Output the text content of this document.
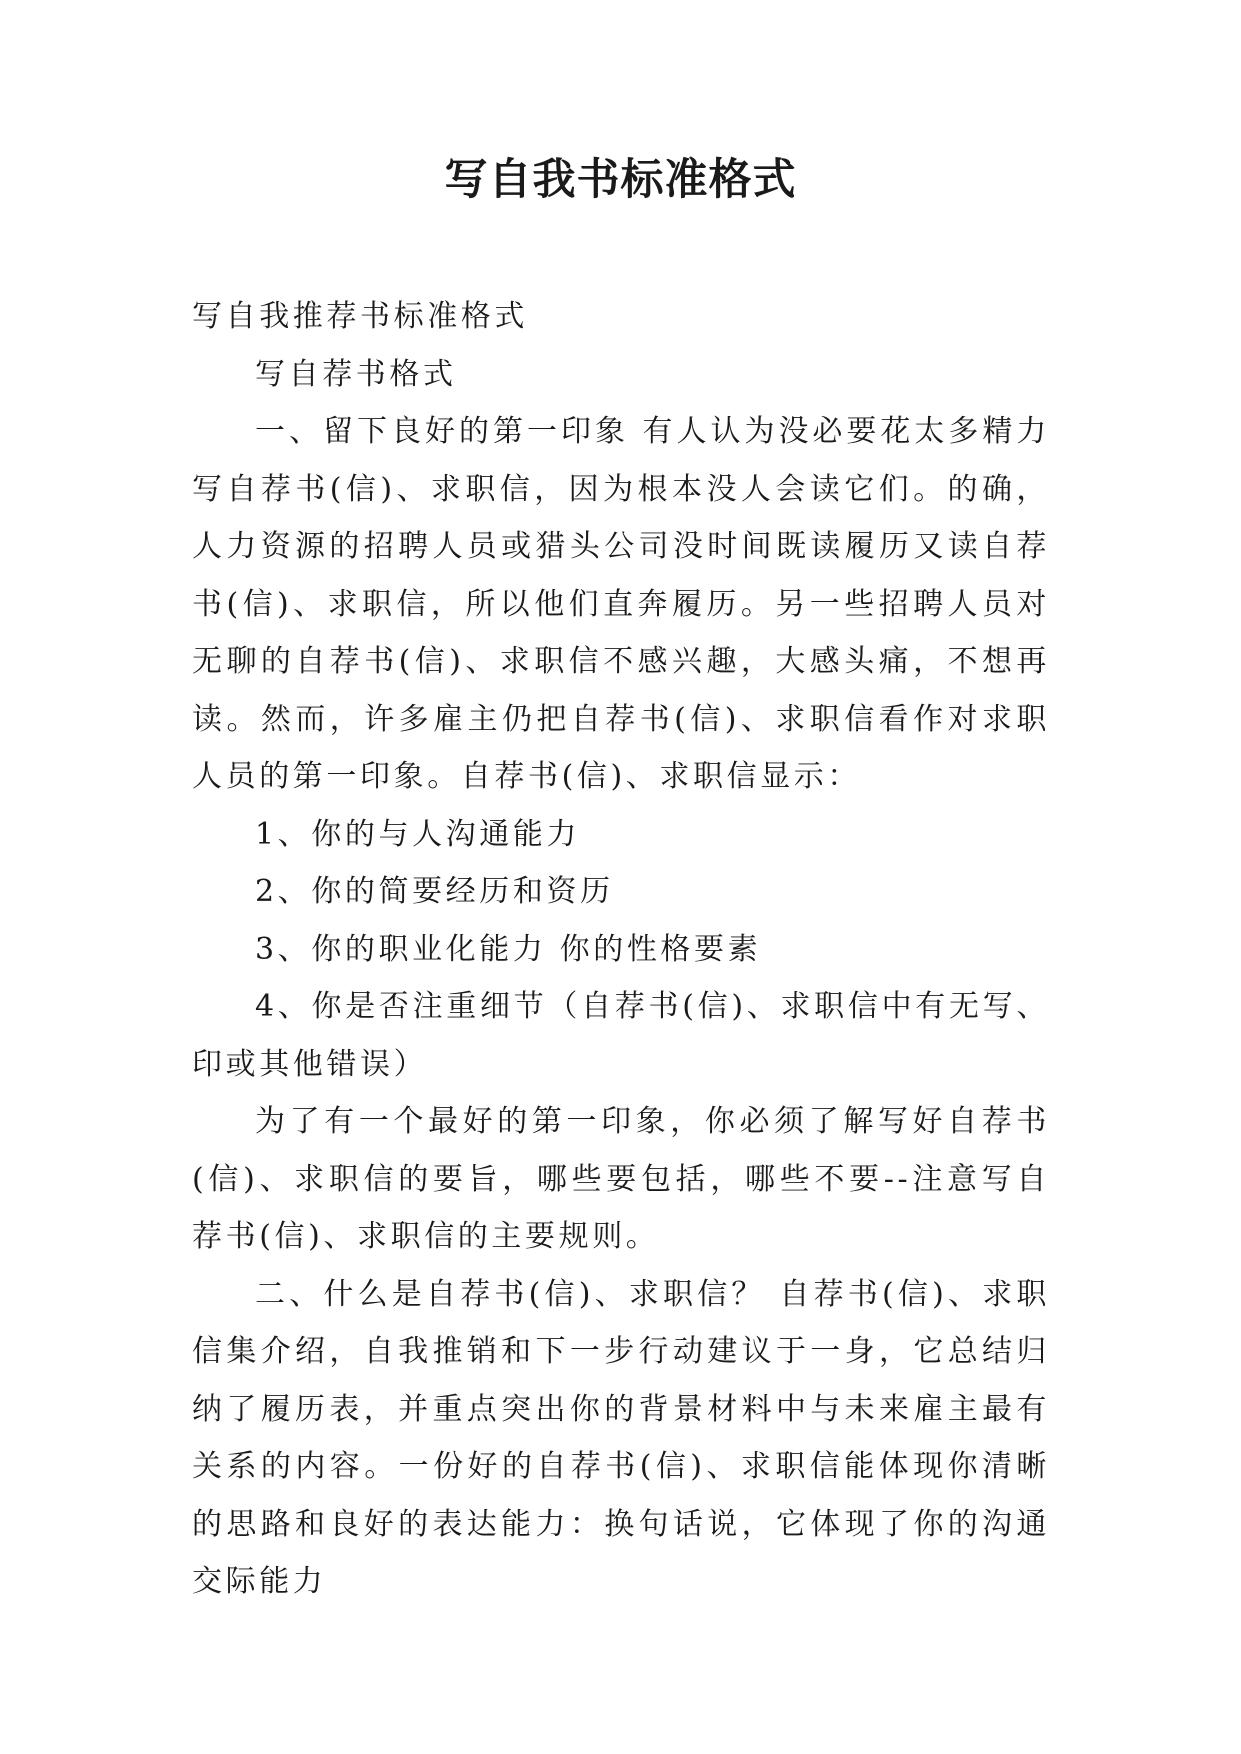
写自我书标准格式

写自我推荐书标准格式

写自荐书格式

一、留下良好的第一印象 有人认为没必要花太多精力写自荐书(信)、求职信，因为根本没人会读它们。的确，人力资源的招聘人员或猎头公司没时间既读履历又读自荐书(信)、求职信，所以他们直奔履历。另一些招聘人员对无聊的自荐书(信)、求职信不感兴趣，大感头痛，不想再读。然而，许多雇主仍把自荐书(信)、求职信看作对求职人员的第一印象。自荐书(信)、求职信显示：

1、你的与人沟通能力

2、你的简要经历和资历

3、你的职业化能力 你的性格要素

4、你是否注重细节（自荐书(信)、求职信中有无写、印或其他错误）

为了有一个最好的第一印象，你必须了解写好自荐书(信)、求职信的要旨，哪些要包括，哪些不要--注意写自荐书(信)、求职信的主要规则。

二、什么是自荐书(信)、求职信？ 自荐书(信)、求职信集介绍，自我推销和下一步行动建议于一身，它总结归纳了履历表，并重点突出你的背景材料中与未来雇主最有关系的内容。一份好的自荐书(信)、求职信能体现你清晰的思路和良好的表达能力：换句话说，它体现了你的沟通交际能力
